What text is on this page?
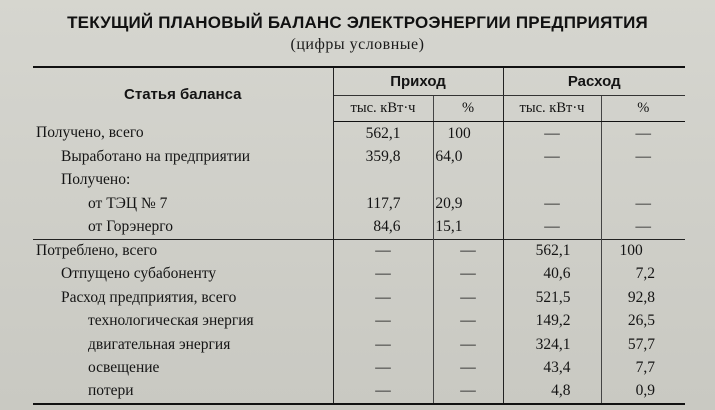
ТЕКУЩИЙ ПЛАНОВЫЙ БАЛАНС ЭЛЕКТРОЭНЕРГИИ ПРЕДПРИЯТИЯ
(цифры условные)
Статья баланса	Приход		Расход	
	тыс. кВт·ч	%	тыс. кВт·ч	%
Получено, всего	562,1	100	—	—
Выработано на предприятии	359,8	64,0	—	—
Получено:				
от ТЭЦ № 7	117,7	20,9	—	—
от Горэнерго	84,6	15,1	—	—
Потреблено, всего	—	—	562,1	100
Отпущено субабоненту	—	—	40,6	7,2
Расход предприятия, всего	—	—	521,5	92,8
технологическая энергия	—	—	149,2	26,5
двигательная энергия	—	—	324,1	57,7
освещение	—	—	43,4	7,7
потери	—	—	4,8	0,9
